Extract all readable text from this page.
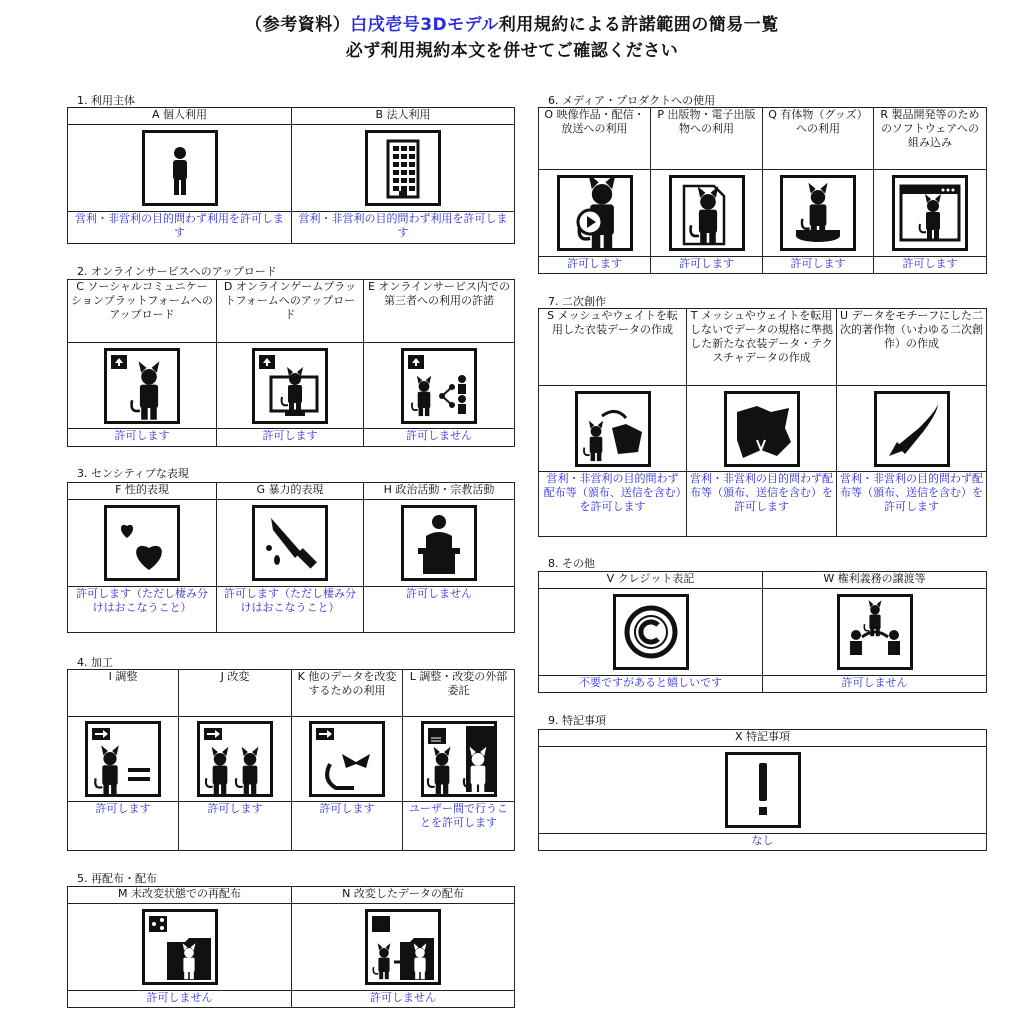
（参考資料）白戌壱号3Dモデル利用規約による許諾範囲の簡易一覧
必ず利用規約本文を併せてご確認ください
1. 利用主体
A 個人利用	B 法人利用

営利・非営利の目的問わず利用を許可します	営利・非営利の目的問わず利用を許可します
2. オンラインサービスへのアップロード
C ソーシャルコミュニケーションプラットフォームへのアップロード	D オンラインゲームプラットフォームへのアップロード	E オンラインサービス内での第三者への利用の許諾

許可します	許可します	許可しません
3. センシティブな表現
F 性的表現	G 暴力的表現	H 政治活動・宗教活動

許可します（ただし棲み分けはおこなうこと）	許可します（ただし棲み分けはおこなうこと）	許可しません
4. 加工
I 調整	J 改変	K 他のデータを改変するための利用	L 調整・改変の外部委託

許可します	許可します	許可します	ユーザー間で行うことを許可します
5. 再配布・配布
M 未改変状態での再配布	N 改変したデータの配布

許可しません	許可しません
6. メディア・プロダクトへの使用
O 映像作品・配信・放送への利用	P 出版物・電子出版物への利用	Q 有体物（グッズ）への利用	R 製品開発等のためのソフトウェアへの組み込み

許可します	許可します	許可します	許可します
7. 二次創作
S メッシュやウェイトを転用した衣装データの作成	T メッシュやウェイトを転用しないでデータの規格に準拠した新たな衣装データ・テクスチャデータの作成	U データをモチーフにした二次的著作物（いわゆる二次創作）の作成

営利・非営利の目的問わず配布等（頒布、送信を含む）を許可します	営利・非営利の目的問わず配布等（頒布、送信を含む）を許可します	営利・非営利の目的問わず配布等（頒布、送信を含む）を許可します
8. その他
V クレジット表記	W 権利義務の譲渡等

不要ですがあると嬉しいです	許可しません
9. 特記事項
X 特記事項

なし
